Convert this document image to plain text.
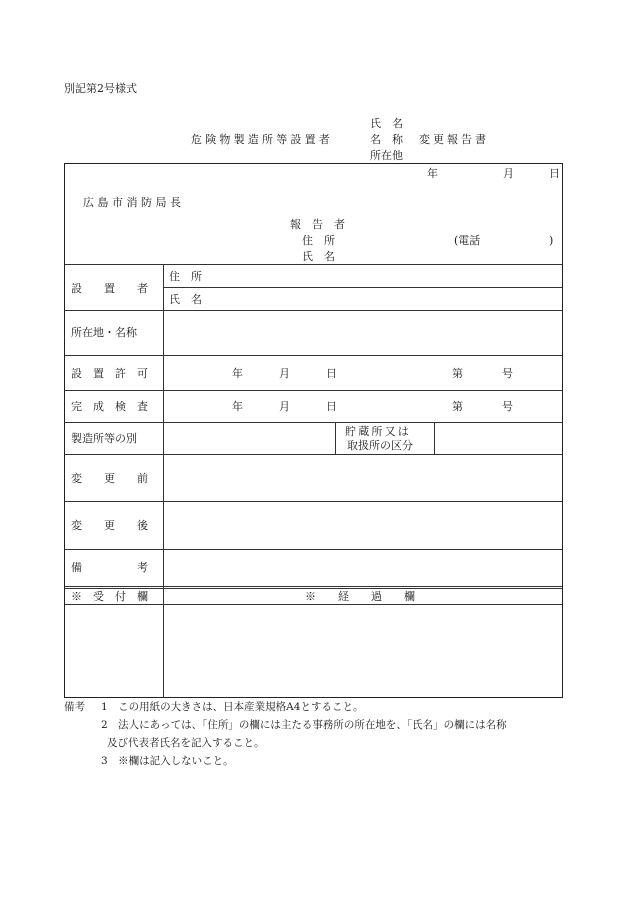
別記第2号様式
氏　名
危険物製造所等設置者	名　称 変更報告書
所在他
年	月	日
広島市消防局長
報　告　者
住　所	(電話	)
氏　名
設　　置　　者
住　所
氏　名
所在地・名称
設　置　許　可	年	月	日	第	号
完　成　検　査	年	月	日	第	号
製造所等の別
貯蔵所又は
取扱所の区分
変　　更　　前
変　　更　　後
備　　　　　考
※　受　付　欄	※　　経　　過　　欄
備考 1　この用紙の大きさは、日本産業規格A4とすること。
2　法人にあっては、「住所」の欄には主たる事務所の所在地を、「氏名」の欄には名称
及び代表者氏名を記入すること。
3　※欄は記入しないこと。
